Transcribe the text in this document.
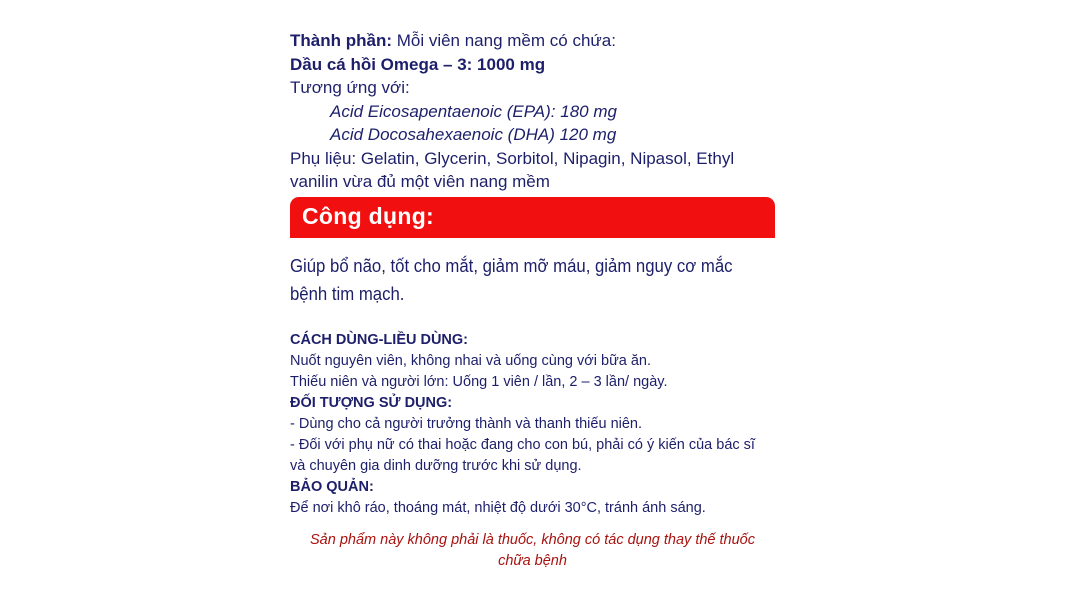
Thành phần: Mỗi viên nang mềm có chứa:
Dầu cá hồi Omega – 3: 1000 mg
Tương ứng với:
Acid Eicosapentaenoic (EPA): 180 mg
Acid Docosahexaenoic (DHA) 120 mg
Phụ liệu: Gelatin, Glycerin, Sorbitol, Nipagin, Nipasol, Ethyl
vanilin vừa đủ một viên nang mềm
Công dụng:
Giúp bổ não, tốt cho mắt, giảm mỡ máu, giảm nguy cơ mắc
bệnh tim mạch.
CÁCH DÙNG-LIỀU DÙNG:
Nuốt nguyên viên, không nhai và uống cùng với bữa ăn.
Thiếu niên và người lớn: Uống 1 viên / lần, 2 – 3 lần/ ngày.
ĐỐI TƯỢNG SỬ DỤNG:
- Dùng cho cả người trưởng thành và thanh thiếu niên.
- Đối với phụ nữ có thai hoặc đang cho con bú, phải có ý kiến của bác sĩ
và chuyên gia dinh dưỡng trước khi sử dụng.
BẢO QUẢN:
Để nơi khô ráo, thoáng mát, nhiệt độ dưới 30°C, tránh ánh sáng.
Sản phẩm này không phải là thuốc, không có tác dụng thay thế thuốc
chữa bệnh
